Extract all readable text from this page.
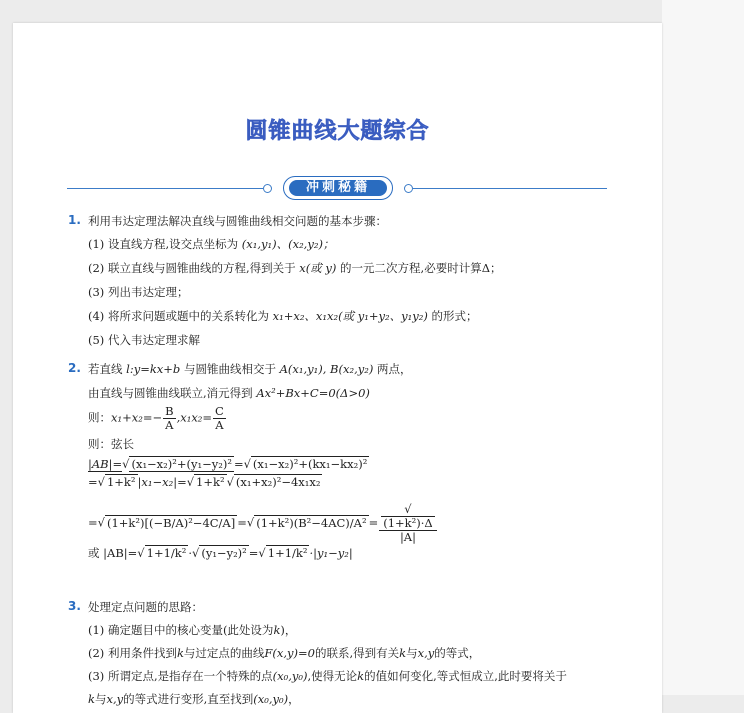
圆锥曲线大题综合
冲刺秘籍
1. 利用韦达定理法解决直线与圆锥曲线相交问题的基本步骤：
(1) 设直线方程,设交点坐标为 (x₁,y₁)、(x₂,y₂)；
(2) 联立直线与圆锥曲线的方程,得到关于 x(或 y) 的一元二次方程,必要时计算Δ；
(3) 列出韦达定理；
(4) 将所求问题或题中的关系转化为 x₁+x₂、x₁x₂(或 y₁+y₂、y₁y₂) 的形式；
(5) 代入韦达定理求解
2. 若直线 l:y=kx+b 与圆锥曲线相交于 A(x₁,y₁), B(x₂,y₂) 两点，
由直线与圆锥曲线联立,消元得到 Ax²+Bx+C=0(Δ>0)
则：$x_1+x_2=- \frac{B}{A} ,x_1x_2= \frac{C}{A}$
则：弦长
|AB|=√ (x₁−x₂)²+(y₁−y₂)² =√ (x₁−x₂)²+(kx₁−kx₂)²
=√ 1+k² |x₁−x₂|=√ 1+k² √ (x₁+x₂)²−4x₁x₂
=√ (1+k²)[(−B/A)²−4C/A] =√ (1+k²)(B²−4AC)/A² = √
(1+k²)·Δ
|A|
或 |AB|=√ 1+1/k² ·√ (y₁−y₂)² =√ 1+1/k² ·|y₁−y₂|
3. 处理定点问题的思路：
(1) 确定题目中的核心变量(此处设为k)，
(2) 利用条件找到k与过定点的曲线F(x,y)=0的联系,得到有关k与x,y的等式，
(3) 所谓定点,是指存在一个特殊的点(x₀,y₀),使得无论k的值如何变化,等式恒成立,此时要将关于
k与x,y的等式进行变形,直至找到(x₀,y₀)，
